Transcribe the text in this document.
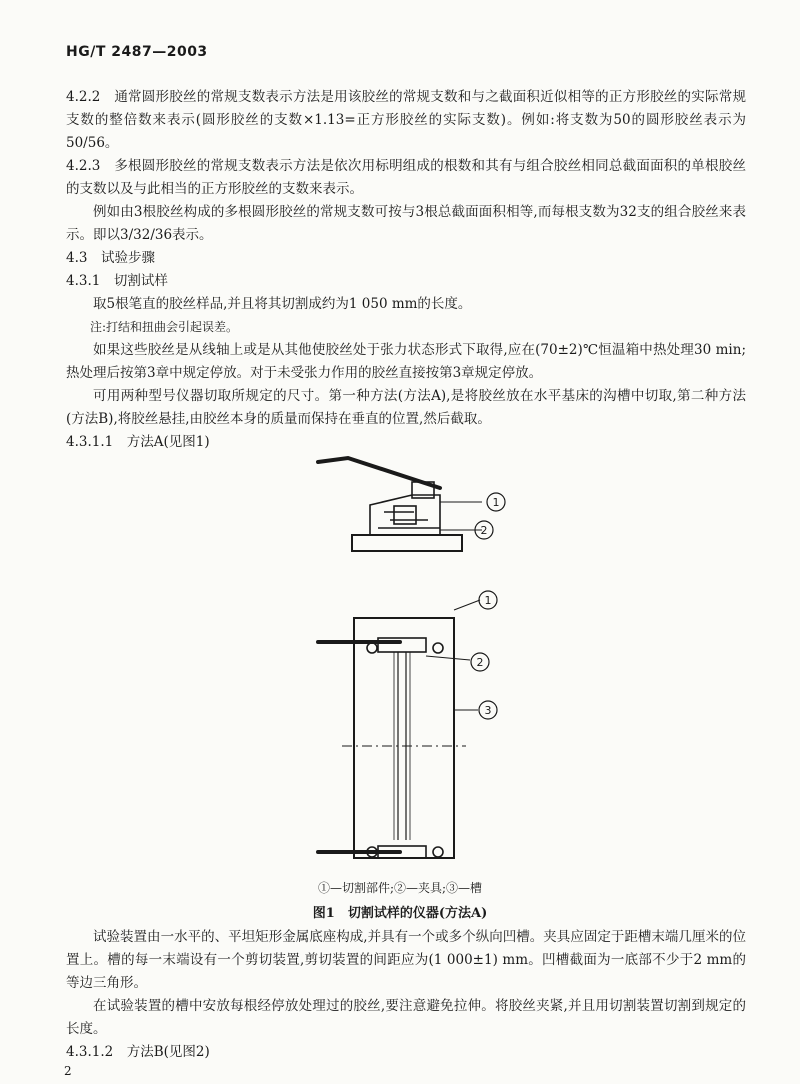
HG/T 2487—2003
4.2.2　通常圆形胶丝的常规支数表示方法是用该胶丝的常规支数和与之截面积近似相等的正方形胶丝的实际常规支数的整倍数来表示(圆形胶丝的支数×1.13=正方形胶丝的实际支数)。例如:将支数为50的圆形胶丝表示为50/56。
4.2.3　多根圆形胶丝的常规支数表示方法是依次用标明组成的根数和其有与组合胶丝相同总截面面积的单根胶丝的支数以及与此相当的正方形胶丝的支数来表示。
例如由3根胶丝构成的多根圆形胶丝的常规支数可按与3根总截面面积相等,而每根支数为32支的组合胶丝来表示。即以3/32/36表示。
4.3　试验步骤
4.3.1　切割试样
取5根笔直的胶丝样品,并且将其切割成约为1 050 mm的长度。
注:打结和扭曲会引起误差。
如果这些胶丝是从线轴上或是从其他使胶丝处于张力状态形式下取得,应在(70±2)℃恒温箱中热处理30 min;热处理后按第3章中规定停放。对于未受张力作用的胶丝直接按第3章规定停放。
可用两种型号仪器切取所规定的尺寸。第一种方法(方法A),是将胶丝放在水平基床的沟槽中切取,第二种方法(方法B),将胶丝悬挂,由胶丝本身的质量而保持在垂直的位置,然后截取。
4.3.1.1　方法A(见图1)
1
2
1
2
3
①—切割部件;②—夹具;③—槽
图1　切割试样的仪器(方法A)
试验装置由一水平的、平坦矩形金属底座构成,并具有一个或多个纵向凹槽。夹具应固定于距槽末端几厘米的位置上。槽的每一末端设有一个剪切装置,剪切装置的间距应为(1 000±1) mm。凹槽截面为一底部不少于2 mm的等边三角形。
在试验装置的槽中安放每根经停放处理过的胶丝,要注意避免拉伸。将胶丝夹紧,并且用切割装置切割到规定的长度。
4.3.1.2　方法B(见图2)
2
